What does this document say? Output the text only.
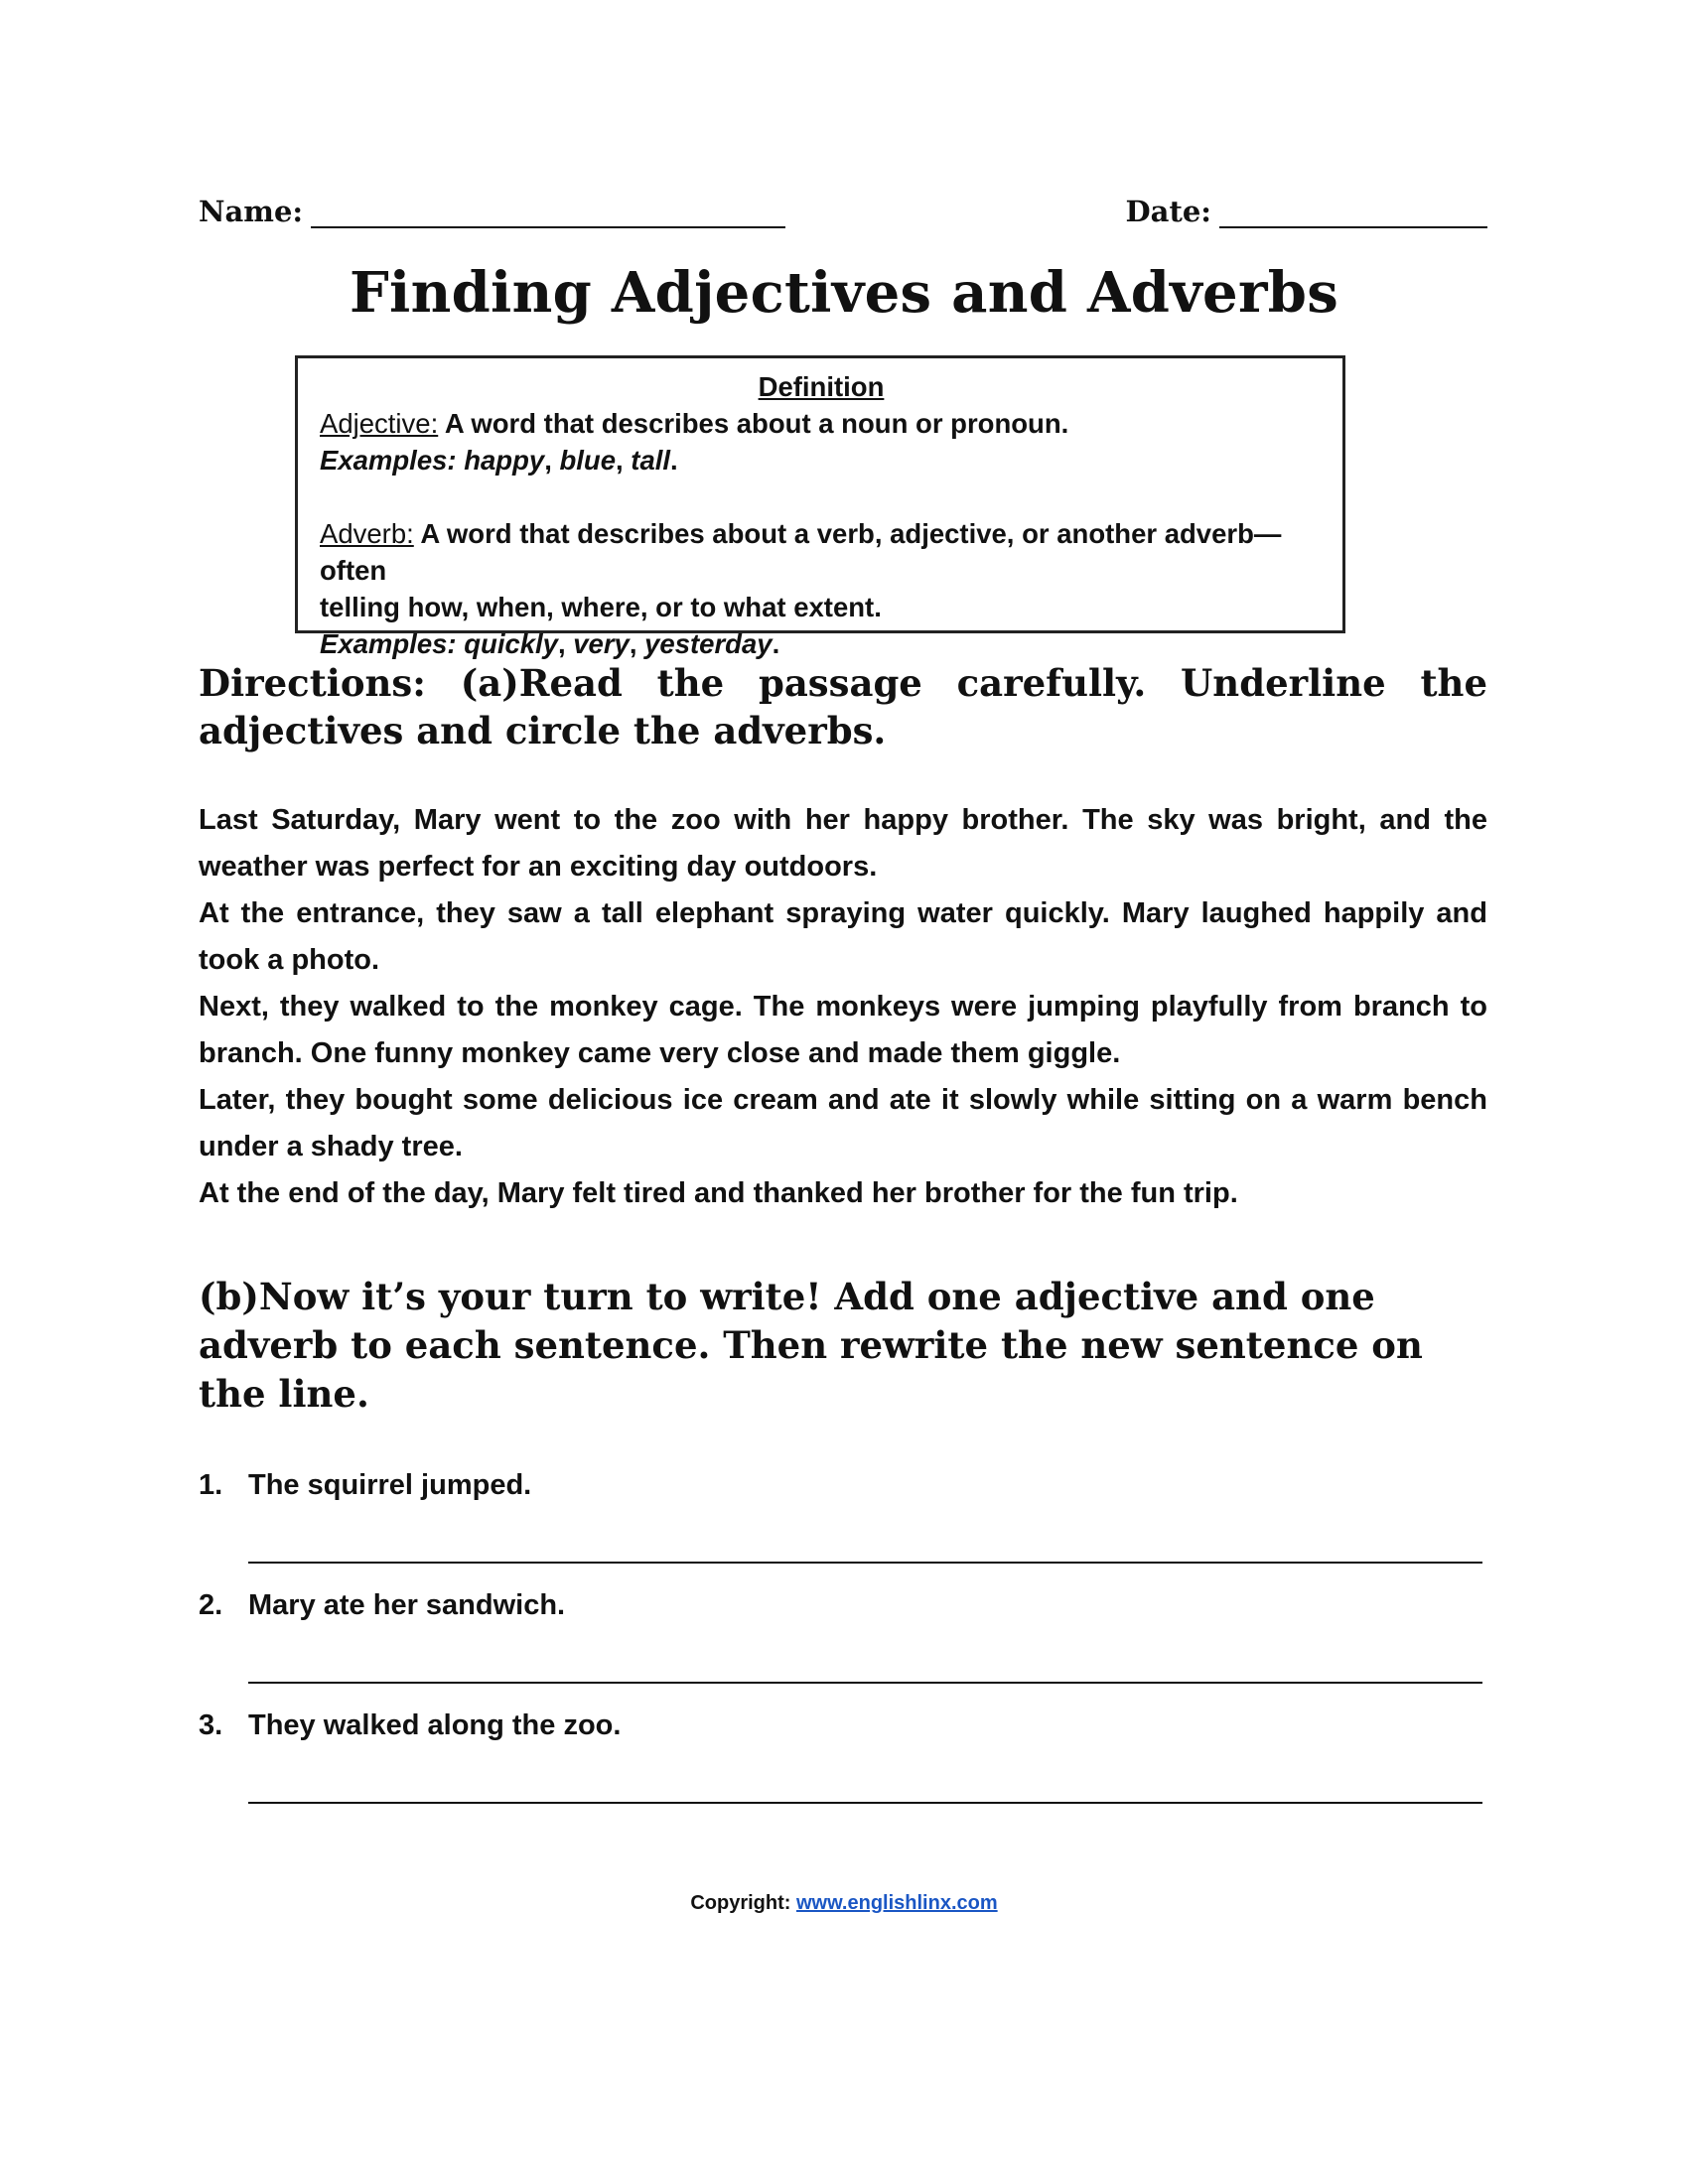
Name:	Date:
Finding Adjectives and Adverbs
Definition
Adjective: A word that describes about a noun or pronoun.
Examples: happy, blue, tall.
Adverb: A word that describes about a verb, adjective, or another adverb—often
telling how, when, where, or to what extent.
Examples: quickly, very, yesterday.
Directions: (a)Read the passage carefully. Underline the adjectives and circle the adverbs.

Last Saturday, Mary went to the zoo with her happy brother. The sky was bright, and the weather was perfect for an exciting day outdoors.

At the entrance, they saw a tall elephant spraying water quickly. Mary laughed happily and took a photo.

Next, they walked to the monkey cage. The monkeys were jumping playfully from branch to branch. One funny monkey came very close and made them giggle.

Later, they bought some delicious ice cream and ate it slowly while sitting on a warm bench under a shady tree.

At the end of the day, Mary felt tired and thanked her brother for the fun trip.

(b)Now it’s your turn to write! Add one adjective and one adverb to each sentence. Then rewrite the new sentence on the line.
1. The squirrel jumped.
2. Mary ate her sandwich.
3. They walked along the zoo.
Copyright: www.englishlinx.com
